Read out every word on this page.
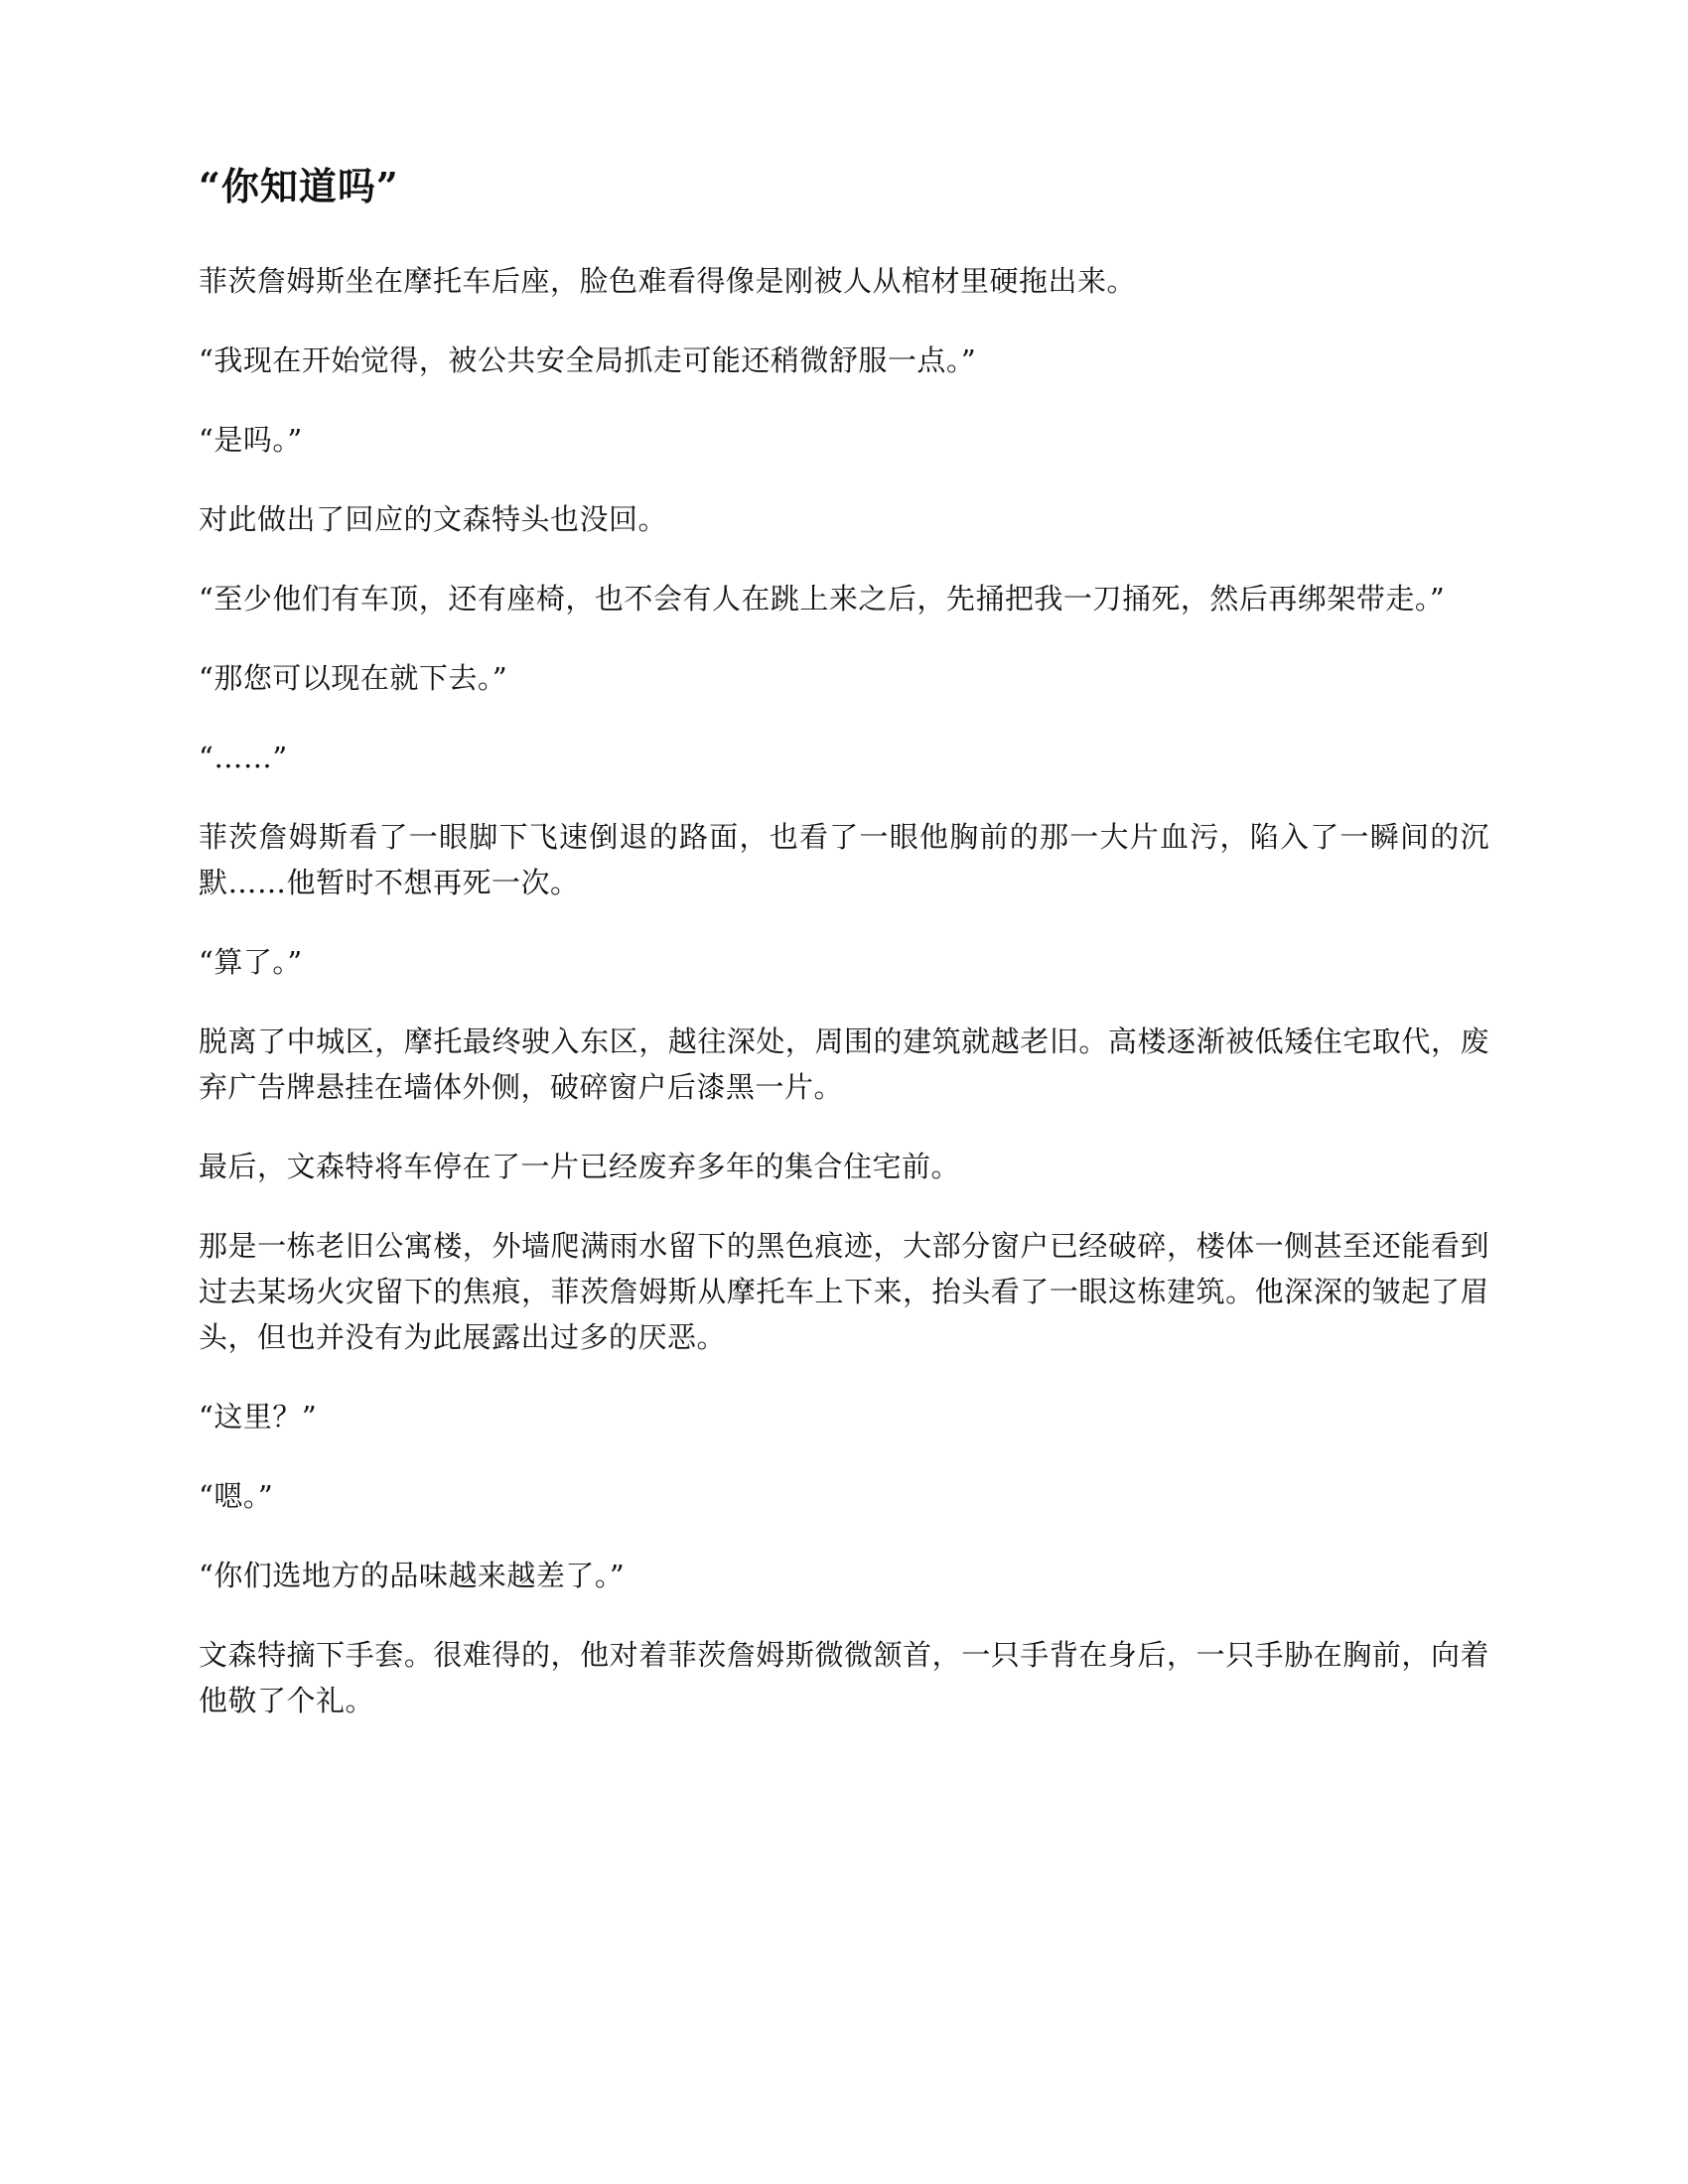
“你知道吗”

菲茨詹姆斯坐在摩托车后座，脸色难看得像是刚被人从棺材里硬拖出来。

“我现在开始觉得，被公共安全局抓走可能还稍微舒服一点。”

“是吗。”

对此做出了回应的文森特头也没回。

“至少他们有车顶，还有座椅，也不会有人在跳上来之后，先捅把我一刀捅死，然后再绑架带走。”

“那您可以现在就下去。”

“……”

菲茨詹姆斯看了一眼脚下飞速倒退的路面，也看了一眼他胸前的那一大片血污，陷入了一瞬间的沉默……他暂时不想再死一次。

“算了。”

脱离了中城区，摩托最终驶入东区，越往深处，周围的建筑就越老旧。高楼逐渐被低矮住宅取代，废弃广告牌悬挂在墙体外侧，破碎窗户后漆黑一片。

最后，文森特将车停在了一片已经废弃多年的集合住宅前。

那是一栋老旧公寓楼，外墙爬满雨水留下的黑色痕迹，大部分窗户已经破碎，楼体一侧甚至还能看到过去某场火灾留下的焦痕，菲茨詹姆斯从摩托车上下来，抬头看了一眼这栋建筑。他深深的皱起了眉头，但也并没有为此展露出过多的厌恶。

“这里？”

“嗯。”

“你们选地方的品味越来越差了。”

文森特摘下手套。很难得的，他对着菲茨詹姆斯微微颔首，一只手背在身后，一只手胁在胸前，向着他敬了个礼。
